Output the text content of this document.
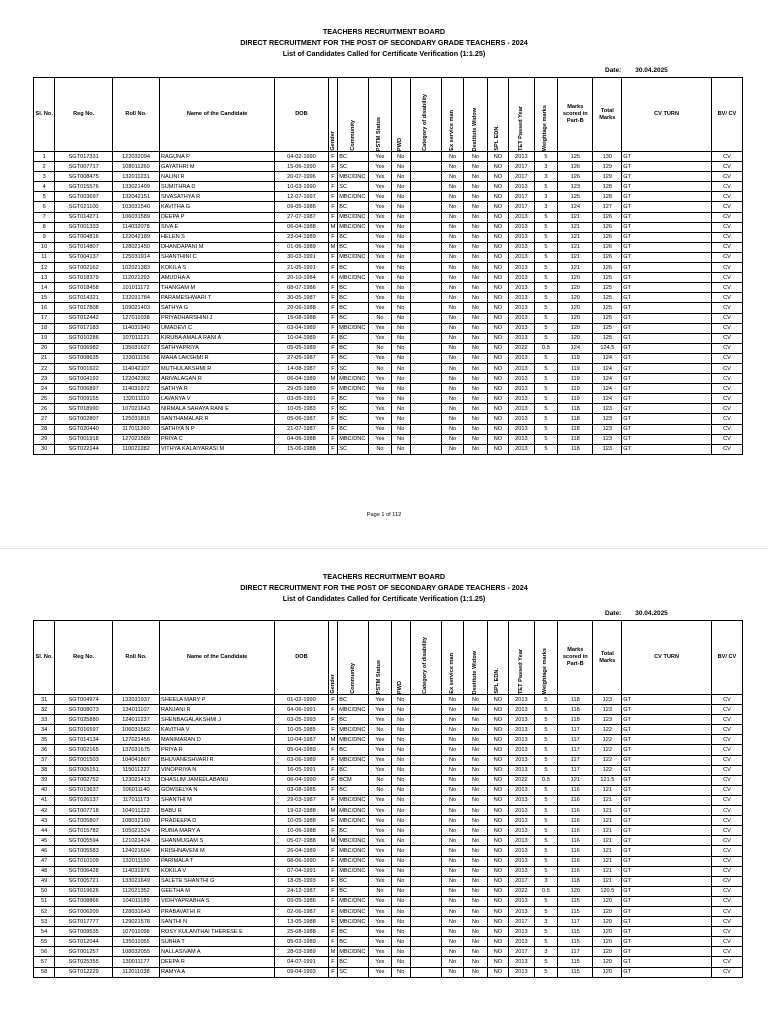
TEACHERS RECRUITMENT BOARD
DIRECT RECRUITMENT FOR THE POST OF SECONDARY GRADE TEACHERS - 2024
List of Candidates Called for Certificate Verification (1:1.25)
Date: 30.04.2025
Sl. No.	Reg No.	Roll No.	Name of the Candidate	DOB	Gender	Community	PSTM Status	PWD	Category of disability	Ex service man	Destitute Widow	SPL EDN.	TET Passed Year	Weightage marks	Marks scored in Part-B	Total Marks	CV TURN	BV/ CV
1	SGT017331	122032094	RAGUNA P	04-02-1990	F	BC	Yes	No		No	No	NO	2013	5	125	130	GT	CV
2	SGT007717	108011260	GAYATHRI M	15-06-1990	F	SC	Yes	No		No	No	NO	2017	3	126	129	GT	CV
3	SGT008475	132011231	NALINI R	20-07-1996	F	MBC/DNC	Yes	No		No	No	NO	2017	3	126	129	GT	CV
4	SGT015576	133021409	SUMITHRA D	10-03-1990	F	SC	Yes	No		No	No	NO	2013	5	123	128	GT	CV
5	SGT003697	132042151	SIVASATHYA R	12-07-1997	F	MBC/DNC	Yes	No		No	No	NO	2017	3	125	128	GT	CV
6	SGT021100	103031540	KAVITHA G	09-05-1986	F	BC	Yes	No		No	No	NO	2017	3	124	127	GT	CV
7	SGT014271	106031589	DEEPA P	27-07-1987	F	MBC/DNC	Yes	No		No	No	NO	2013	5	121	126	GT	CV
8	SGT001333	114032078	SIVA E	06-04-1988	M	MBC/DNC	Yes	No		No	No	NO	2013	5	121	126	GT	CV
9	SGT004816	122042189	HELEN S	23-04-1989	F	BC	Yes	No		No	No	NO	2013	5	121	126	GT	CV
10	SGT014807	128021450	DHANDAPANI M	01-06-1989	M	BC	Yes	No		No	No	NO	2013	5	121	126	GT	CV
11	SGT004137	125031914	SHANTHINI C	30-03-1991	F	MBC/DNC	Yes	No		No	No	NO	2013	5	121	126	GT	CV
12	SGT002162	102021383	KOKILA S	21-05-1991	F	BC	Yes	No		No	No	NO	2013	5	121	126	GT	CV
13	SGT018379	112021293	AMUDHA A	20-10-1984	F	MBC/DNC	Yes	No		No	No	NO	2013	5	120	125	GT	CV
14	SGT018458	101011172	THANGAM M	08-07-1986	F	BC	Yes	No		No	No	NO	2013	5	120	125	GT	CV
15	SGT014321	132031784	PARAMESHWARI T	30-05-1987	F	BC	Yes	No		No	No	NO	2013	5	120	125	GT	CV
16	SGT017808	109021403	SATHYA G	20-06-1988	F	BC	Yes	No		No	No	NO	2013	5	120	125	GT	CV
17	SGT012442	127011038	PRIYADHARSHINI J	15-08-1988	F	BC	No	No		No	No	NO	2013	5	120	125	GT	CV
18	SGT017183	114031940	UMADEVI C	03-04-1989	F	MBC/DNC	Yes	No		No	No	NO	2013	5	120	125	GT	CV
19	SGT010286	107011121	KIRUBA AMALA RANI A	10-04-1989	F	BC	Yes	No		No	No	NO	2013	5	120	125	GT	CV
20	SGT006982	135031627	SATHYAPRIYA	05-05-1989	F	BC	No	No		No	No	NO	2022	0.5	124	124.5	GT	CV
21	SGT008635	133011156	MAHA LAKSHMI R	27-05-1987	F	BC	Yes	No		No	No	NO	2013	5	119	124	GT	CV
22	SGT001622	114042107	MUTHULAKSHMI R	14-08-1987	F	SC	No	No		No	No	NO	2013	5	119	124	GT	CV
23	SGT004192	122042362	ARIVALAGAN R	06-04-1989	M	MBC/DNC	Yes	No		No	No	NO	2013	5	119	124	GT	CV
24	SGT006897	114031972	SATHYA R	29-05-1989	F	MBC/DNC	Yes	No		No	No	NO	2013	5	119	124	GT	CV
25	SGT009155	132011110	LAVANYA V	03-05-1991	F	BC	Yes	No		No	No	NO	2013	5	119	124	GT	CV
26	SGT018990	107021643	NIRMALA SAHAYA RANI E	10-05-1983	F	BC	Yes	No		No	No	NO	2013	5	118	123	GT	CV
27	SGT002807	125031815	SANTHAMALAR R	05-06-1987	F	BC	Yes	No		No	No	NO	2013	5	118	123	GT	CV
28	SGT020440	117011260	SATHIYA N P	21-07-1987	F	BC	Yes	No		No	No	NO	2013	5	118	123	GT	CV
29	SGT001918	127021589	PRIYA C	04-06-1988	F	MBC/DNC	Yes	No		No	No	NO	2013	5	118	123	GT	CV
30	SGT022144	110021282	VITHYA KALAIYARASI M	15-06-1988	F	SC	No	No		No	No	NO	2013	5	118	123	GT	CV
Page 1 of 112
TEACHERS RECRUITMENT BOARD
DIRECT RECRUITMENT FOR THE POST OF SECONDARY GRADE TEACHERS - 2024
List of Candidates Called for Certificate Verification (1:1.25)
Date: 30.04.2025
Sl. No.	Reg No.	Roll No.	Name of the Candidate	DOB	Gender	Community	PSTM Status	PWD	Category of disability	Ex service man	Destitute Widow	SPL EDN.	TET Passed Year	Weightage marks	Marks scored in Part-B	Total Marks	CV TURN	BV/ CV
31	SGT004974	132031937	SHEELA MARY P	01-02-1990	F	BC	Yes	No		No	No	NO	2013	5	118	123	GT	CV
32	SGT008073	134011107	RANJANI R	04-06-1991	F	MBC/DNC	Yes	No		No	No	NO	2013	5	118	123	GT	CV
33	SGT025880	124011237	SHENBAGALAKSHMI J	03-05-1993	F	BC	Yes	No		No	No	NO	2013	5	118	123	GT	CV
34	SGT016597	106031562	KAVITHA V	10-05-1985	F	MBC/DNC	No	No		No	No	NO	2013	5	117	122	GT	CV
35	SGT014134	127021456	MANIMARAN D	10-04-1987	M	MBC/DNC	Yes	No		No	No	NO	2013	5	117	122	GT	CV
36	SGT002165	137031675	PRIYA R	05-04-1989	F	BC	Yes	No		No	No	NO	2013	5	117	122	GT	CV
37	SGT001503	104041867	BHUVANESHVARI R	03-06-1989	F	MBC/DNC	Yes	No		No	No	NO	2013	5	117	122	GT	CV
38	SGT005151	115011227	VINOPRIYA N	16-05-1991	F	BC	Yes	No		No	No	NO	2013	5	117	122	GT	CV
39	SGT002752	123021413	DHASLIM JAMEELABANU	06-04-1990	F	BCM	No	No		No	No	NO	2022	0.5	121	121.5	GT	CV
40	SGT013637	106011140	GOWSELYA N	03-08-1985	F	BC	No	No		No	No	NO	2013	5	116	121	GT	CV
41	SGT026137	117011173	SHANTHI M	29-03-1987	F	MBC/DNC	Yes	No		No	No	NO	2013	5	116	121	GT	CV
42	SGT007718	104011222	BABU R	19-02-1988	M	MBC/DNC	Yes	No		No	No	NO	2013	5	116	121	GT	CV
43	SGT005807	108032160	PRADEEPA D	10-05-1988	F	MBC/DNC	Yes	No		No	No	NO	2013	5	116	121	GT	CV
44	SGT015782	105021524	RUBIA MARY A	10-06-1988	F	BC	Yes	No		No	No	NO	2013	5	116	121	GT	CV
45	SGT005594	121021424	SHANMUGAM S	05-07-1988	M	MBC/DNC	Yes	No		No	No	NO	2013	5	116	121	GT	CV
46	SGT005583	124021604	KRISHNAVENI M	26-04-1989	F	MBC/DNC	Yes	No		No	No	NO	2013	5	116	121	GT	CV
47	SGT010109	132011150	PARIMALA T	08-06-1990	F	MBC/DNC	Yes	No		No	No	NO	2013	5	116	121	GT	CV
48	SGT006428	114031976	KOKILA V	07-04-1991	F	MBC/DNC	Yes	No		No	No	NO	2013	5	116	121	GT	CV
49	SGT005721	133021649	SALETE SHANTHI G	18-05-1993	F	BC	Yes	No		No	No	NO	2017	3	118	121	GT	CV
50	SGT019626	112021352	GEETHA M	24-12-1987	F	BC	No	No		No	No	NO	2022	0.5	120	120.5	GT	CV
51	SGT008866	104011189	VIDHYAPRABHA S	09-05-1986	F	MBC/DNC	Yes	No		No	No	NO	2013	5	115	120	GT	CV
52	SGT006209	128031643	PRABAVATHI R	02-06-1987	F	MBC/DNC	Yes	No		No	No	NO	2013	5	115	120	GT	CV
53	SGT017777	129021578	SANTHI N	13-05-1988	F	MBC/DNC	Yes	No		No	No	NO	2017	3	117	120	GT	CV
54	SGT009535	107011098	ROSY KULANTHAI THERESE E	25-08-1988	F	BC	Yes	No		No	No	NO	2013	5	115	120	GT	CV
55	SGT012044	135011055	SUBHA T	05-03-1989	F	BC	Yes	No		No	No	NO	2013	5	115	120	GT	CV
56	SGT001257	108032055	NALLASIVAM A	28-03-1989	M	MBC/DNC	Yes	No		No	No	NO	2017	3	117	120	GT	CV
57	SGT025355	130011177	DEEPA R	04-07-1991	F	BC	Yes	No		No	No	NO	2013	5	115	120	GT	CV
58	SGT012229	112011038	RAMYA A	09-04-1993	F	SC	Yes	No		No	No	NO	2013	5	115	120	GT	CV
